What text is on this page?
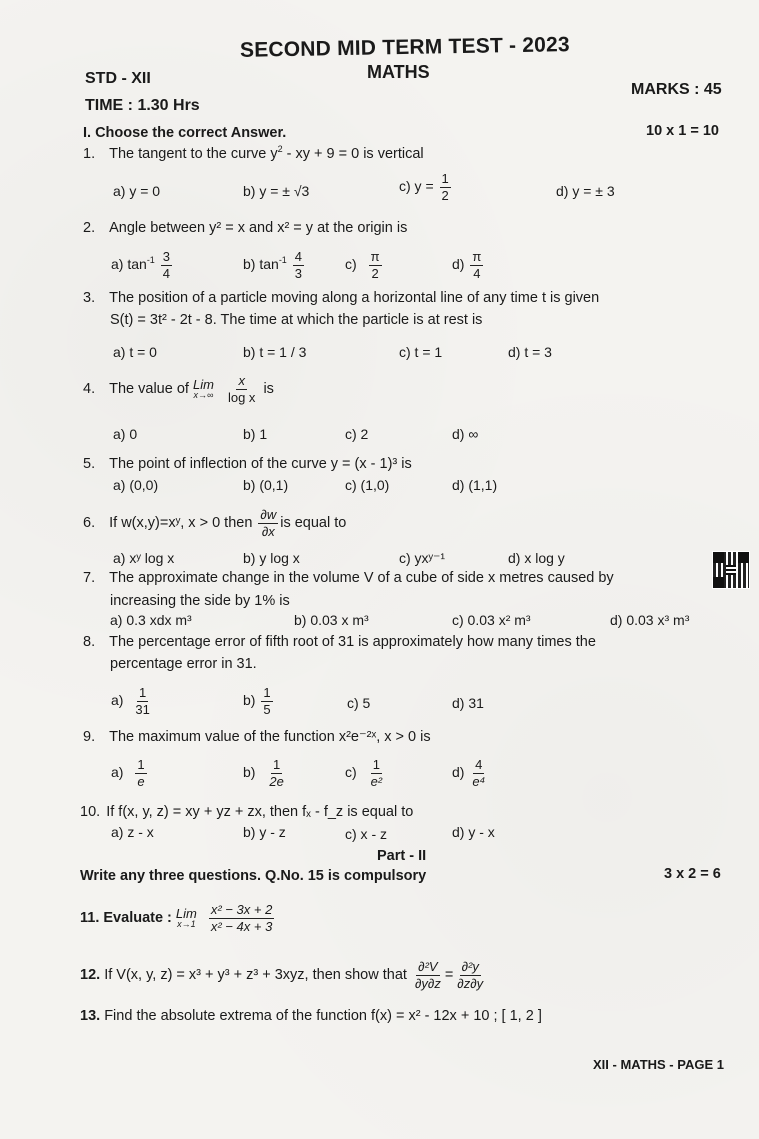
SECOND MID TERM TEST - 2023
MATHS
STD - XII
TIME : 1.30 Hrs
MARKS : 45
I. Choose the correct Answer.	10 x 1 = 10
1. The tangent to the curve $y^2$ - xy + 9 = 0 is vertical
a) y = 0	b) y = ± √3	c) $y = \frac{1}{2}$	d) y = ± 3
2. Angle between y² = x and x² = y at the origin is
a) $\tan^{-1} \frac{3}{4}$	b) $\tan^{-1} \frac{4}{3}$	$c) \frac{\pi}{2}$	$d) \frac{\pi}{4}$
3. The position of a particle moving along a horizontal line of any time t is given
S(t) = 3t² - 2t - 8. The time at which the particle is at rest is
a) t = 0	b) t = 1 / 3	c) t = 1	d) t = 3
4. The value of Lim
x→∞
$\frac{x}{\text{log x}}$ is
a) 0	b) 1	c) 2	d) ∞
5. The point of inflection of the curve y = (x - 1)³ is
a) (0,0)	b) (0,1)	c) (1,0)	d) (1,1)
6. If w(x,y)=xʸ, x > 0 then $\frac{\partial w}{\partial x}$ is equal to
a) xʸ log x	b) y log x	c) yxʸ⁻¹	d) x log y
7. The approximate change in the volume V of a cube of side x metres caused by
increasing the side by 1% is
a) 0.3 xdx m³	b) 0.03 x m³	c) 0.03 x² m³	d) 0.03 x³ m³
8. The percentage error of fifth root of 31 is approximately how many times the
percentage error in 31.
$a) \frac{1}{31}$	$b) \frac{1}{5}$	c) 5	d) 31
9. The maximum value of the function x²e⁻²ˣ, x > 0 is
$a) \frac{1}{e}$	$b) \frac{1}{2e}$	$c) \frac{1}{\text{e²}}$	$d) \frac{4}{\text{e⁴}}$
10. If f(x, y, z) = xy + yz + zx, then fₓ - f_z is equal to
a) z - x	b) y - z	c) x - z	d) y - x
Part - II
Write any three questions. Q.No. 15 is compulsory	3 x 2 = 6
11. Evaluate : Lim
x→1
$\frac{\text{x² − 3x + 2}}{\text{x² − 4x + 3}}$
12. If V(x, y, z) = x³ + y³ + z³ + 3xyz, then show that $\frac{\text{∂²V}}{\partial y\partial z} = \frac{\text{∂²y}}{\partial z\partial y}$
13. Find the absolute extrema of the function f(x) = x² - 12x + 10 ; [ 1, 2 ]
XII - MATHS - PAGE 1
